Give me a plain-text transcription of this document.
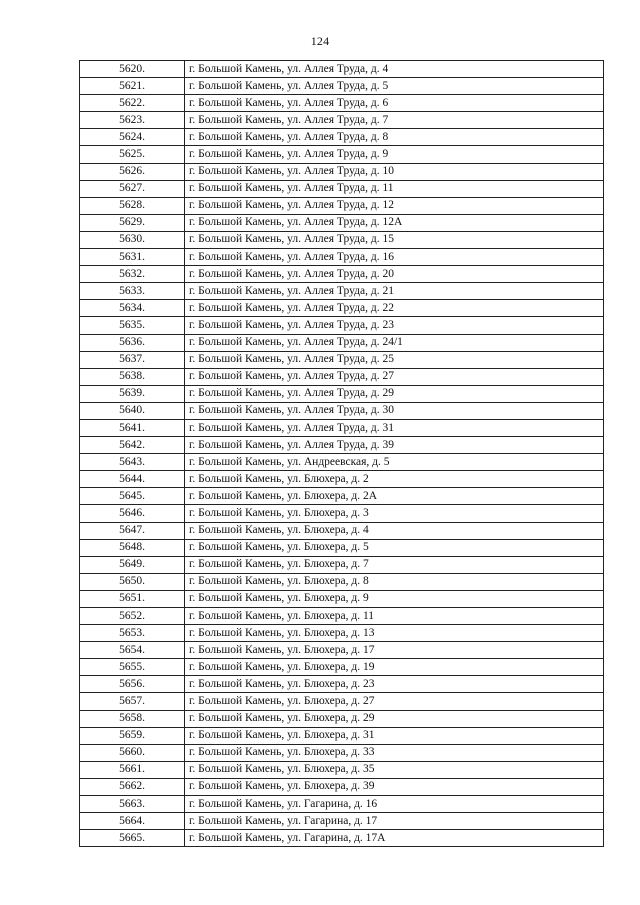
124
5620.	г. Большой Камень, ул. Аллея Труда, д. 4
5621.	г. Большой Камень, ул. Аллея Труда, д. 5
5622.	г. Большой Камень, ул. Аллея Труда, д. 6
5623.	г. Большой Камень, ул. Аллея Труда, д. 7
5624.	г. Большой Камень, ул. Аллея Труда, д. 8
5625.	г. Большой Камень, ул. Аллея Труда, д. 9
5626.	г. Большой Камень, ул. Аллея Труда, д. 10
5627.	г. Большой Камень, ул. Аллея Труда, д. 11
5628.	г. Большой Камень, ул. Аллея Труда, д. 12
5629.	г. Большой Камень, ул. Аллея Труда, д. 12А
5630.	г. Большой Камень, ул. Аллея Труда, д. 15
5631.	г. Большой Камень, ул. Аллея Труда, д. 16
5632.	г. Большой Камень, ул. Аллея Труда, д. 20
5633.	г. Большой Камень, ул. Аллея Труда, д. 21
5634.	г. Большой Камень, ул. Аллея Труда, д. 22
5635.	г. Большой Камень, ул. Аллея Труда, д. 23
5636.	г. Большой Камень, ул. Аллея Труда, д. 24/1
5637.	г. Большой Камень, ул. Аллея Труда, д. 25
5638.	г. Большой Камень, ул. Аллея Труда, д. 27
5639.	г. Большой Камень, ул. Аллея Труда, д. 29
5640.	г. Большой Камень, ул. Аллея Труда, д. 30
5641.	г. Большой Камень, ул. Аллея Труда, д. 31
5642.	г. Большой Камень, ул. Аллея Труда, д. 39
5643.	г. Большой Камень, ул. Андреевская, д. 5
5644.	г. Большой Камень, ул. Блюхера, д. 2
5645.	г. Большой Камень, ул. Блюхера, д. 2А
5646.	г. Большой Камень, ул. Блюхера, д. 3
5647.	г. Большой Камень, ул. Блюхера, д. 4
5648.	г. Большой Камень, ул. Блюхера, д. 5
5649.	г. Большой Камень, ул. Блюхера, д. 7
5650.	г. Большой Камень, ул. Блюхера, д. 8
5651.	г. Большой Камень, ул. Блюхера, д. 9
5652.	г. Большой Камень, ул. Блюхера, д. 11
5653.	г. Большой Камень, ул. Блюхера, д. 13
5654.	г. Большой Камень, ул. Блюхера, д. 17
5655.	г. Большой Камень, ул. Блюхера, д. 19
5656.	г. Большой Камень, ул. Блюхера, д. 23
5657.	г. Большой Камень, ул. Блюхера, д. 27
5658.	г. Большой Камень, ул. Блюхера, д. 29
5659.	г. Большой Камень, ул. Блюхера, д. 31
5660.	г. Большой Камень, ул. Блюхера, д. 33
5661.	г. Большой Камень, ул. Блюхера, д. 35
5662.	г. Большой Камень, ул. Блюхера, д. 39
5663.	г. Большой Камень, ул. Гагарина, д. 16
5664.	г. Большой Камень, ул. Гагарина, д. 17
5665.	г. Большой Камень, ул. Гагарина, д. 17А
